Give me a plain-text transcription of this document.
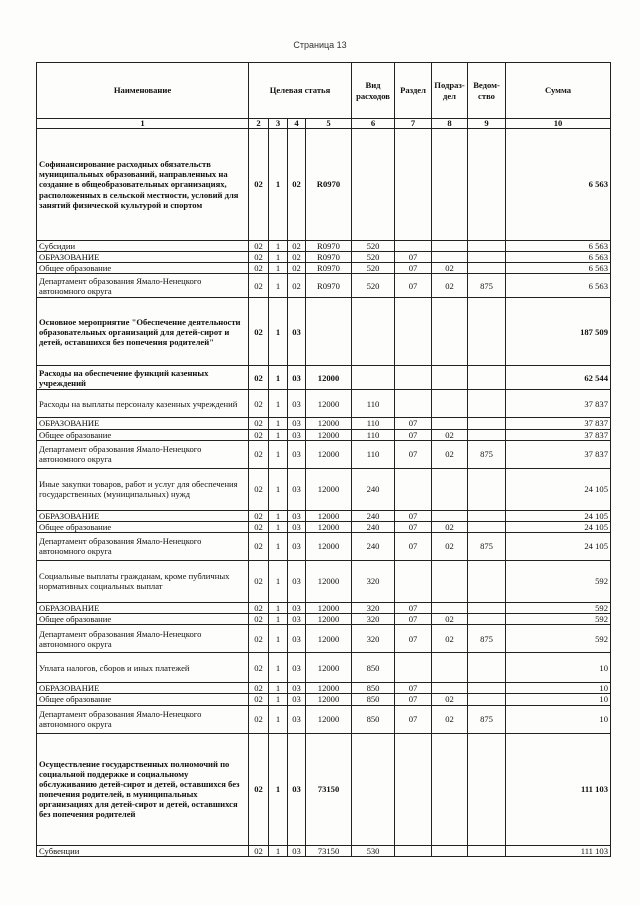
Страница 13
Наименование	Целевая статья				Вид расходов	Раздел	Подраз-дел	Ведом-ство	Сумма
1	2	3	4	5	6	7	8	9	10
Софинансирование расходных обязательств муниципальных образований, направленных на создание в общеобразовательных организациях, расположенных в сельской местности, условий для занятий физической культурой и спортом	02	1	02	R0970					6 563
Субсидии	02	1	02	R0970	520				6 563
ОБРАЗОВАНИЕ	02	1	02	R0970	520	07			6 563
Общее образование	02	1	02	R0970	520	07	02		6 563
Департамент образования Ямало-Ненецкого автономного округа	02	1	02	R0970	520	07	02	875	6 563
Основное мероприятие "Обеспечение деятельности образовательных организаций для детей-сирот и детей, оставшихся без попечения родителей"	02	1	03						187 509
Расходы на обеспечение функций казенных учреждений	02	1	03	12000					62 544
Расходы на выплаты персоналу казенных учреждений	02	1	03	12000	110				37 837
ОБРАЗОВАНИЕ	02	1	03	12000	110	07			37 837
Общее образование	02	1	03	12000	110	07	02		37 837
Департамент образования Ямало-Ненецкого автономного округа	02	1	03	12000	110	07	02	875	37 837
Иные закупки товаров, работ и услуг для обеспечения государственных (муниципальных) нужд	02	1	03	12000	240				24 105
ОБРАЗОВАНИЕ	02	1	03	12000	240	07			24 105
Общее образование	02	1	03	12000	240	07	02		24 105
Департамент образования Ямало-Ненецкого автономного округа	02	1	03	12000	240	07	02	875	24 105
Социальные выплаты гражданам, кроме публичных нормативных социальных выплат	02	1	03	12000	320				592
ОБРАЗОВАНИЕ	02	1	03	12000	320	07			592
Общее образование	02	1	03	12000	320	07	02		592
Департамент образования Ямало-Ненецкого автономного округа	02	1	03	12000	320	07	02	875	592
Уплата налогов, сборов и иных платежей	02	1	03	12000	850				10
ОБРАЗОВАНИЕ	02	1	03	12000	850	07			10
Общее образование	02	1	03	12000	850	07	02		10
Департамент образования Ямало-Ненецкого автономного округа	02	1	03	12000	850	07	02	875	10
Осуществление государственных полномочий по социальной поддержке и социальному обслуживанию детей-сирот и детей, оставшихся без попечения родителей, в муниципальных организациях для детей-сирот и детей, оставшихся без попечения родителей	02	1	03	73150					111 103
Субвенции	02	1	03	73150	530				111 103
